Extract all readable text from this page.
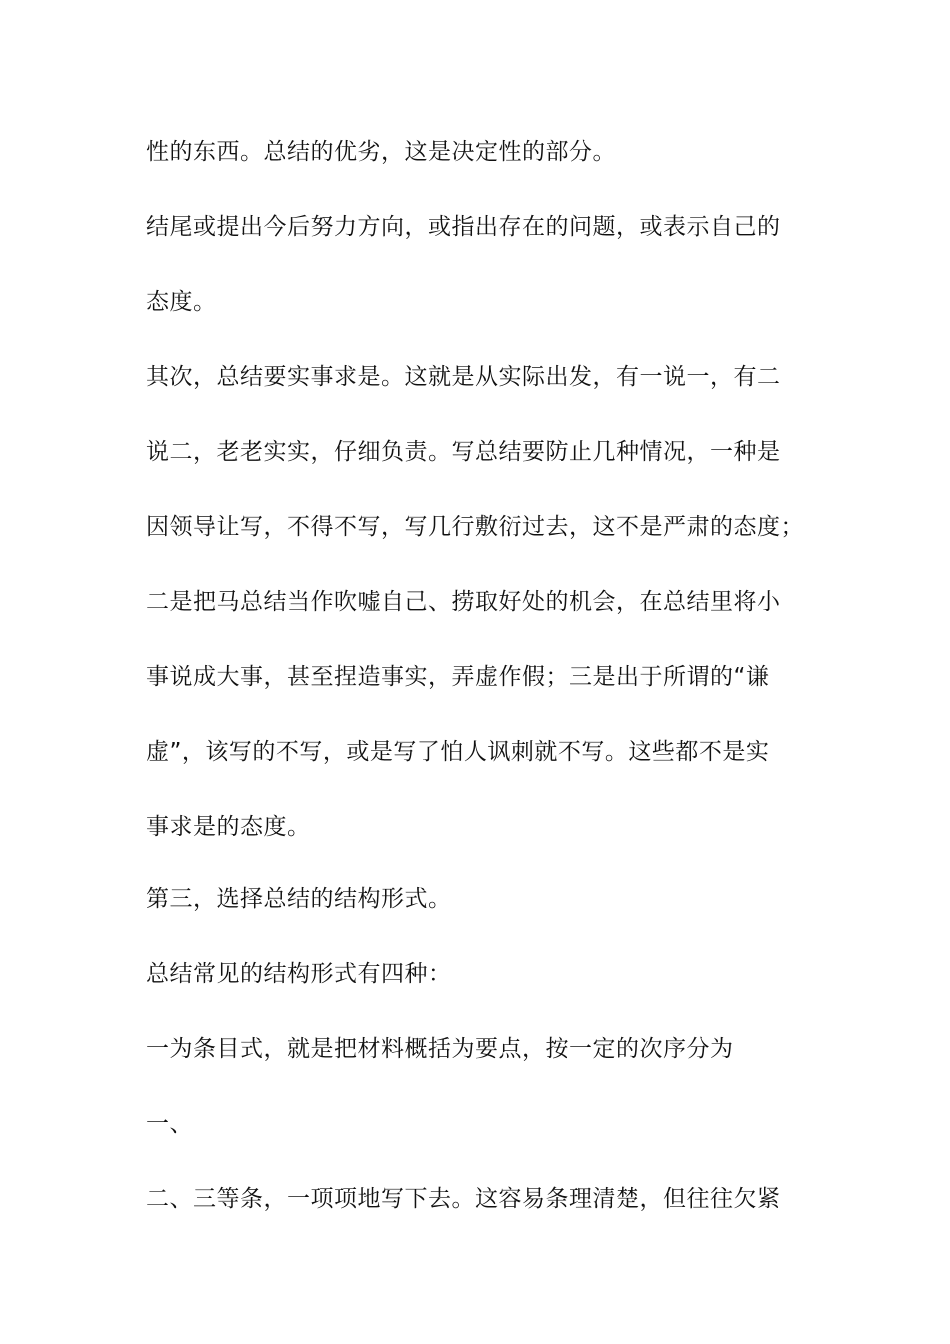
性的东西。总结的优劣，这是决定性的部分。

结尾或提出今后努力方向，或指出存在的问题，或表示自己的

态度。

其次，总结要实事求是。这就是从实际出发，有一说一，有二

说二，老老实实，仔细负责。写总结要防止几种情况，一种是

因领导让写，不得不写，写几行敷衍过去，这不是严肃的态度；

二是把马总结当作吹嘘自己、捞取好处的机会，在总结里将小

事说成大事，甚至捏造事实，弄虚作假；三是出于所谓的“谦

虚”，该写的不写，或是写了怕人讽刺就不写。这些都不是实

事求是的态度。

第三，选择总结的结构形式。

总结常见的结构形式有四种：

一为条目式，就是把材料概括为要点，按一定的次序分为

一、

二、三等条，一项项地写下去。这容易条理清楚，但往往欠紧
